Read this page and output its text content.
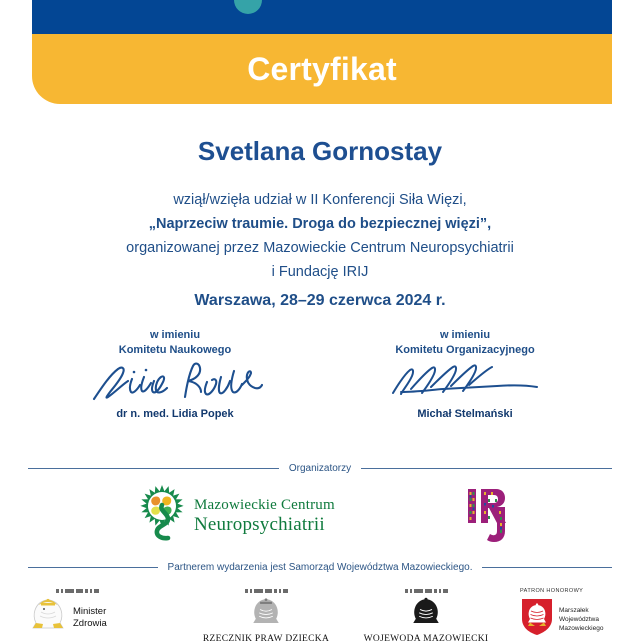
Certyfikat
Svetlana Gornostay
wziął/wzięła udział w II Konferencji Siła Więzi,
„Naprzeciw traumie. Droga do bezpiecznej więzi”,
organizowanej przez Mazowieckie Centrum Neuropsychiatrii
i Fundację IRIJ
Warszawa, 28–29 czerwca 2024 r.
w imieniu
Komitetu Naukowego
dr n. med. Lidia Popek
w imieniu
Komitetu Organizacyjnego
Michał Stelmański
Organizatorzy
Mazowieckie Centrum
Neuropsychiatrii
Partnerem wydarzenia jest Samorząd Województwa Mazowieckiego.
Minister
Zdrowia
RZECZNIK PRAW DZIECKA	WOJEWODA MAZOWIECKI
PATRON HONOROWY
Marszałek
Województwa
Mazowieckiego
